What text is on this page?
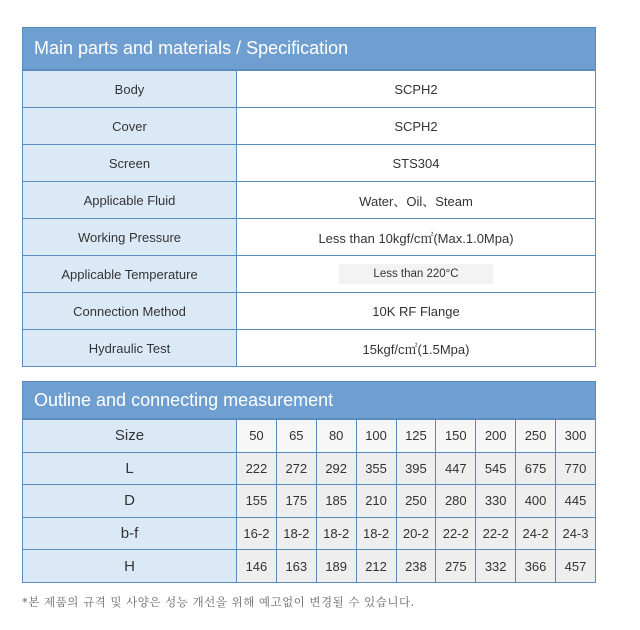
Main parts and materials / Specification
Body	SCPH2
Cover	SCPH2
Screen	STS304
Applicable Fluid	Water、Oil、Steam
Working Pressure	Less than 10kgf/c㎡(Max.1.0Mpa)
Applicable Temperature	Less than 220°C
Connection Method	10K RF Flange
Hydraulic Test	15kgf/c㎡(1.5Mpa)
Outline and connecting measurement
Size	50	65	80	100	125	150	200	250	300
L	222	272	292	355	395	447	545	675	770
D	155	175	185	210	250	280	330	400	445
b-f	16-2	18-2	18-2	18-2	20-2	22-2	22-2	24-2	24-3
H	146	163	189	212	238	275	332	366	457
*본 제품의 규격 및 사양은 성능 개선을 위해 예고없이 변경될 수 있습니다.
